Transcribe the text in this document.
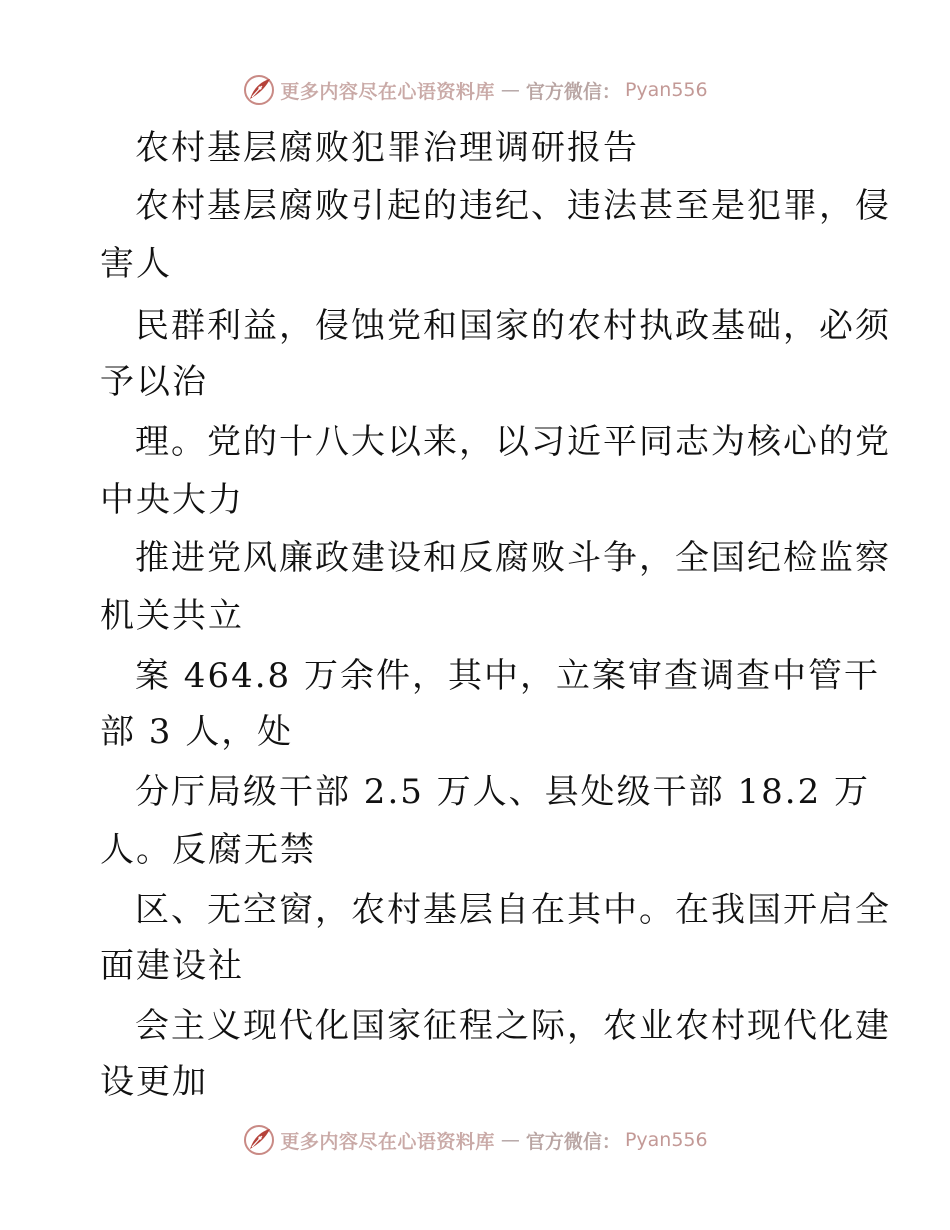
更多内容尽在心语资料库 — 官方微信： Pyan556
农村基层腐败犯罪治理调研报告
农村基层腐败引起的违纪、违法甚至是犯罪，侵
害人
民群利益，侵蚀党和国家的农村执政基础，必须
予以治
理。党的十八大以来，以习近平同志为核心的党
中央大力
推进党风廉政建设和反腐败斗争，全国纪检监察
机关共立
案 464.8 万余件，其中，立案审查调查中管干
部 3 人，处
分厅局级干部 2.5 万人、县处级干部 18.2 万
人。反腐无禁
区、无空窗，农村基层自在其中。在我国开启全
面建设社
会主义现代化国家征程之际，农业农村现代化建
设更加
更多内容尽在心语资料库 — 官方微信： Pyan556
